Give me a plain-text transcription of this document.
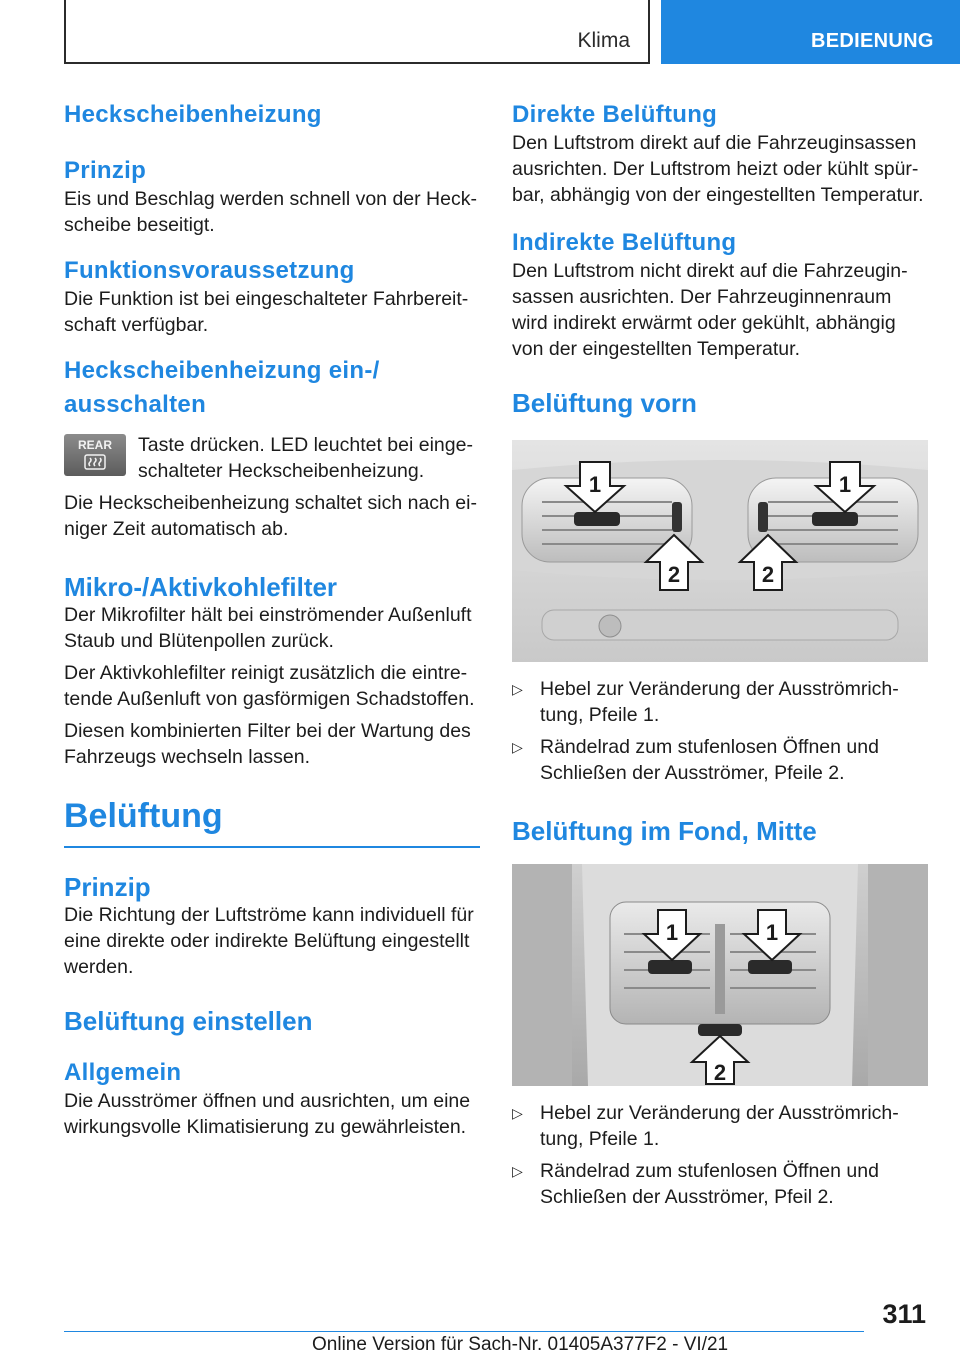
Klima	BEDIENUNG
Heckscheibenheizung
Prinzip
Eis und Beschlag werden schnell von der Heck-scheibe beseitigt.
Funktionsvoraussetzung
Die Funktion ist bei eingeschalteter Fahrbereit-schaft verfügbar.
Heckscheibenheizung ein-/ ausschalten
REAR	Taste drücken. LED leuchtet bei einge-schalteter Heckscheibenheizung.
Die Heckscheibenheizung schaltet sich nach ei-niger Zeit automatisch ab.
Mikro-/Aktivkohlefilter
Der Mikrofilter hält bei einströmender Außenluft Staub und Blütenpollen zurück.
Der Aktivkohlefilter reinigt zusätzlich die eintre-tende Außenluft von gasförmigen Schadstoffen.
Diesen kombinierten Filter bei der Wartung des Fahrzeugs wechseln lassen.
Belüftung
Prinzip
Die Richtung der Luftströme kann individuell für eine direkte oder indirekte Belüftung eingestellt werden.
Belüftung einstellen
Allgemein
Die Ausströmer öffnen und ausrichten, um eine wirkungsvolle Klimatisierung zu gewährleisten.
Direkte Belüftung
Den Luftstrom direkt auf die Fahrzeuginsassen ausrichten. Der Luftstrom heizt oder kühlt spür-bar, abhängig von der eingestellten Temperatur.
Indirekte Belüftung
Den Luftstrom nicht direkt auf die Fahrzeugin-sassen ausrichten. Der Fahrzeuginnenraum wird indirekt erwärmt oder gekühlt, abhängig von der eingestellten Temperatur.
Belüftung vorn
1	1
2	2
▷ Hebel zur Veränderung der Ausströmrich-tung, Pfeile 1.
▷ Rändelrad zum stufenlosen Öffnen und Schließen der Ausströmer, Pfeile 2.
Belüftung im Fond, Mitte
1	1
2
▷ Hebel zur Veränderung der Ausströmrich-tung, Pfeile 1.
▷ Rändelrad zum stufenlosen Öffnen und Schließen der Ausströmer, Pfeil 2.
311
Online Version für Sach-Nr. 01405A377F2 - VI/21
